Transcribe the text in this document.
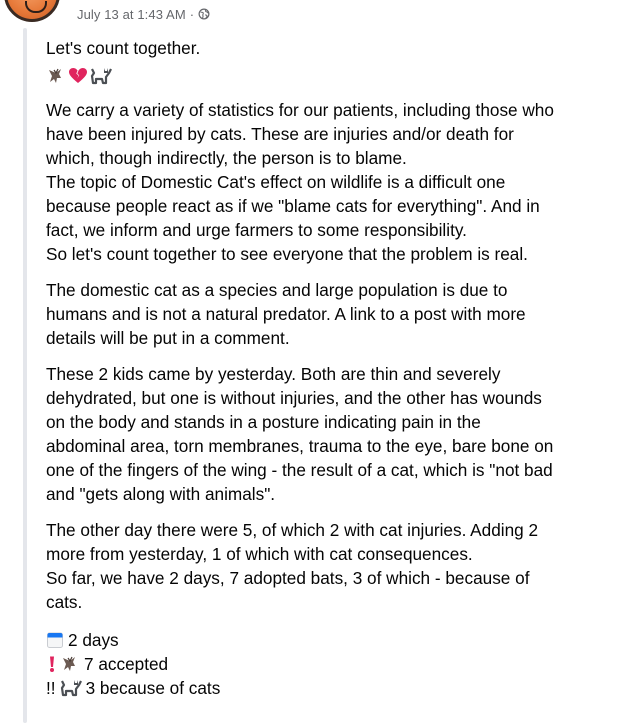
July 13 at 1:43 AM ·
Let's count together.
We carry a variety of statistics for our patients, including those who
have been injured by cats. These are injuries and/or death for
which, though indirectly, the person is to blame.
The topic of Domestic Cat's effect on wildlife is a difficult one
because people react as if we "blame cats for everything". And in
fact, we inform and urge farmers to some responsibility.
So let's count together to see everyone that the problem is real.
The domestic cat as a species and large population is due to
humans and is not a natural predator. A link to a post with more
details will be put in a comment.
These 2 kids came by yesterday. Both are thin and severely
dehydrated, but one is without injuries, and the other has wounds
on the body and stands in a posture indicating pain in the
abdominal area, torn membranes, trauma to the eye, bare bone on
one of the fingers of the wing - the result of a cat, which is "not bad
and "gets along with animals".
The other day there were 5, of which 2 with cat injuries. Adding 2
more from yesterday, 1 of which with cat consequences.
So far, we have 2 days, 7 adopted bats, 3 of which - because of
cats.
2 days
7 accepted
!! 3 because of cats
